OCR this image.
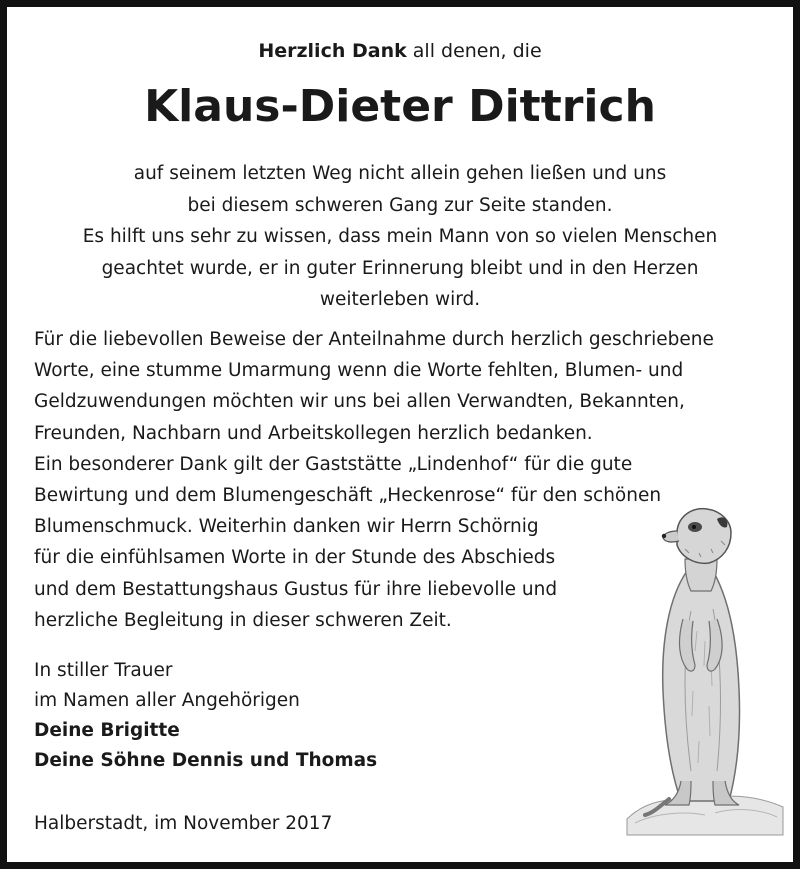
Herzlich Dank all denen, die
Klaus-Dieter Dittrich
auf seinem letzten Weg nicht allein gehen ließen und uns
bei diesem schweren Gang zur Seite standen.
Es hilft uns sehr zu wissen, dass mein Mann von so vielen Menschen
geachtet wurde, er in guter Erinnerung bleibt und in den Herzen
weiterleben wird.
Für die liebevollen Beweise der Anteilnahme durch herzlich geschriebene
Worte, eine stumme Umarmung wenn die Worte fehlten, Blumen- und
Geldzuwendungen möchten wir uns bei allen Verwandten, Bekannten,
Freunden, Nachbarn und Arbeitskollegen herzlich bedanken.
Ein besonderer Dank gilt der Gaststätte „Lindenhof“ für die gute
Bewirtung und dem Blumengeschäft „Heckenrose“ für den schönen
Blumenschmuck. Weiterhin danken wir Herrn Schörnig
für die einfühlsamen Worte in der Stunde des Abschieds
und dem Bestattungshaus Gustus für ihre liebevolle und
herzliche Begleitung in dieser schweren Zeit.
In stiller Trauer
im Namen aller Angehörigen
Deine Brigitte
Deine Söhne Dennis und Thomas
Halberstadt, im November 2017
